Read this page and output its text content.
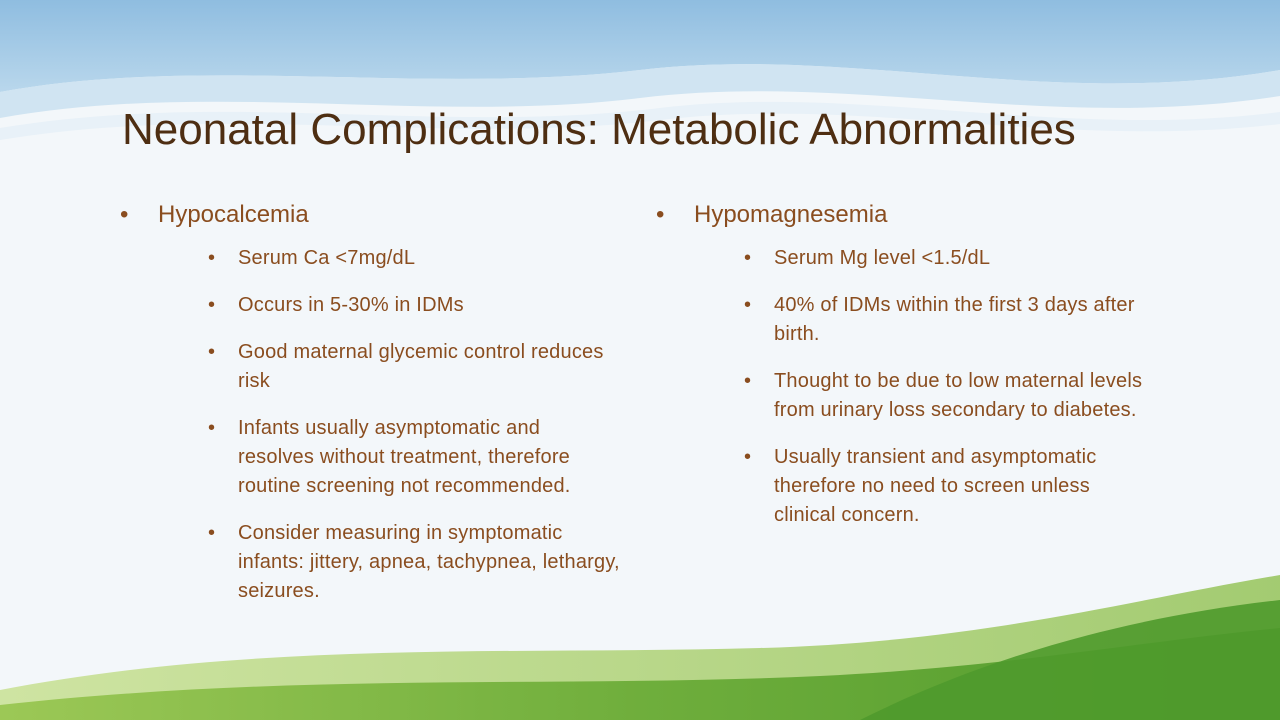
Neonatal Complications: Metabolic Abnormalities
•	Hypocalcemia
• Serum Ca <7mg/dL
• Occurs in 5-30% in IDMs
• Good maternal glycemic control reduces risk
• Infants usually asymptomatic and resolves without treatment, therefore routine screening not recommended.
• Consider measuring in symptomatic infants: jittery, apnea, tachypnea, lethargy, seizures.
•	Hypomagnesemia
• Serum Mg level <1.5/dL
• 40% of IDMs within the first 3 days after birth.
• Thought to be due to low maternal levels from urinary loss secondary to diabetes.
• Usually transient and asymptomatic therefore no need to screen unless clinical concern.
